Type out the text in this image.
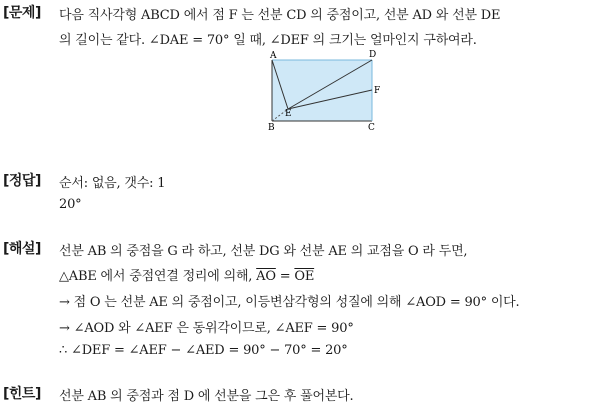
[문제] 다음 직사각형 ABCD 에서 점 F 는 선분 CD 의 중점이고, 선분 AD 와 선분 DE
의 길이는 같다. ∠DAE = 70° 일 때, ∠DEF 의 크기는 얼마인지 구하여라.
A
B	C
D
E
F
[정답] 순서: 없음, 갯수: 1
20°
[해설] 선분 AB 의 중점을 G 라 하고, 선분 DG 와 선분 AE 의 교점을 O 라 두면,
△ABE 에서 중점연결 정리에 의해, $\overline{AO} = \overline{OE}$
→ 점 O 는 선분 AE 의 중점이고, 이등변삼각형의 성질에 의해 ∠AOD = 90° 이다.
→ ∠AOD 와 ∠AEF 은 동위각이므로, ∠AEF = 90°
∴ ∠DEF = ∠AEF − ∠AED = 90° − 70° = 20°
[힌트] 선분 AB 의 중점과 점 D 에 선분을 그은 후 풀어본다.
